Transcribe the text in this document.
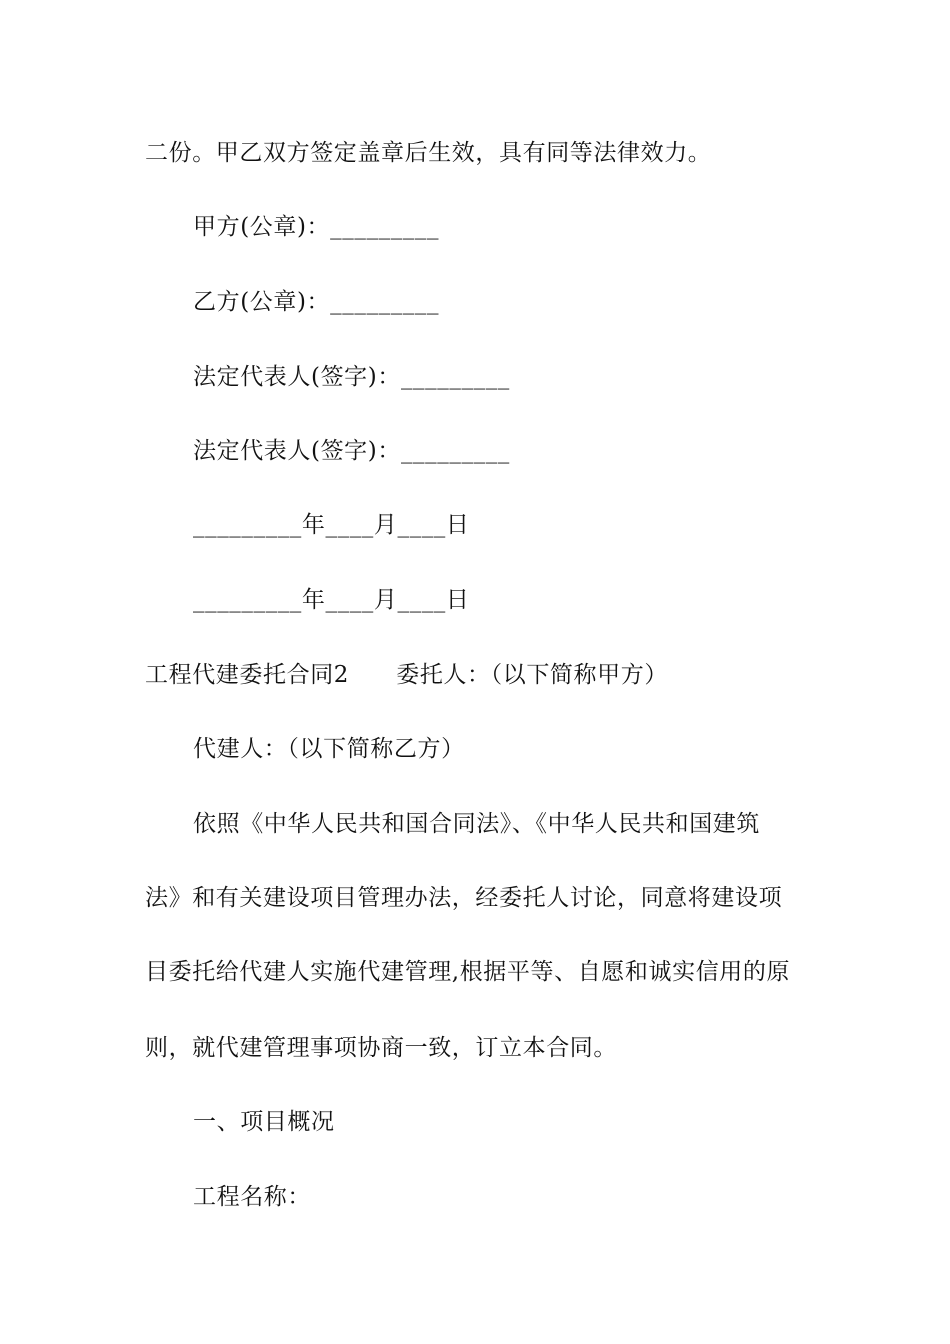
二份。甲乙双方签定盖章后生效，具有同等法律效力。
甲方(公章)：_________
乙方(公章)：_________
法定代表人(签字)：_________
法定代表人(签字)：_________
_________年____月____日
_________年____月____日
工程代建委托合同2　　委托人：（以下简称甲方）
代建人：（以下简称乙方）
依照《中华人民共和国合同法》、《中华人民共和国建筑
法》和有关建设项目管理办法，经委托人讨论，同意将建设项
目委托给代建人实施代建管理,根据平等、自愿和诚实信用的原
则，就代建管理事项协商一致，订立本合同。
一、项目概况
工程名称：
